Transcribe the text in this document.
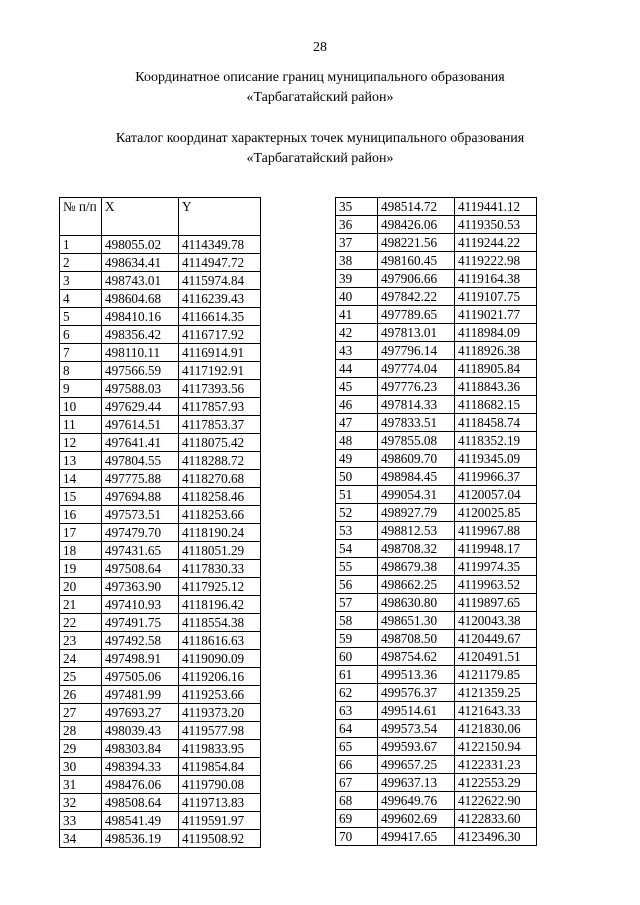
28
Координатное описание границ муниципального образования
«Тарбагатайский район»
Каталог координат характерных точек муниципального образования
«Тарбагатайский район»
№ п/п	X	Y
1	498055.02	4114349.78
2	498634.41	4114947.72
3	498743.01	4115974.84
4	498604.68	4116239.43
5	498410.16	4116614.35
6	498356.42	4116717.92
7	498110.11	4116914.91
8	497566.59	4117192.91
9	497588.03	4117393.56
10	497629.44	4117857.93
11	497614.51	4117853.37
12	497641.41	4118075.42
13	497804.55	4118288.72
14	497775.88	4118270.68
15	497694.88	4118258.46
16	497573.51	4118253.66
17	497479.70	4118190.24
18	497431.65	4118051.29
19	497508.64	4117830.33
20	497363.90	4117925.12
21	497410.93	4118196.42
22	497491.75	4118554.38
23	497492.58	4118616.63
24	497498.91	4119090.09
25	497505.06	4119206.16
26	497481.99	4119253.66
27	497693.27	4119373.20
28	498039.43	4119577.98
29	498303.84	4119833.95
30	498394.33	4119854.84
31	498476.06	4119790.08
32	498508.64	4119713.83
33	498541.49	4119591.97
34	498536.19	4119508.92
35	498514.72	4119441.12
36	498426.06	4119350.53
37	498221.56	4119244.22
38	498160.45	4119222.98
39	497906.66	4119164.38
40	497842.22	4119107.75
41	497789.65	4119021.77
42	497813.01	4118984.09
43	497796.14	4118926.38
44	497774.04	4118905.84
45	497776.23	4118843.36
46	497814.33	4118682.15
47	497833.51	4118458.74
48	497855.08	4118352.19
49	498609.70	4119345.09
50	498984.45	4119966.37
51	499054.31	4120057.04
52	498927.79	4120025.85
53	498812.53	4119967.88
54	498708.32	4119948.17
55	498679.38	4119974.35
56	498662.25	4119963.52
57	498630.80	4119897.65
58	498651.30	4120043.38
59	498708.50	4120449.67
60	498754.62	4120491.51
61	499513.36	4121179.85
62	499576.37	4121359.25
63	499514.61	4121643.33
64	499573.54	4121830.06
65	499593.67	4122150.94
66	499657.25	4122331.23
67	499637.13	4122553.29
68	499649.76	4122622.90
69	499602.69	4122833.60
70	499417.65	4123496.30
